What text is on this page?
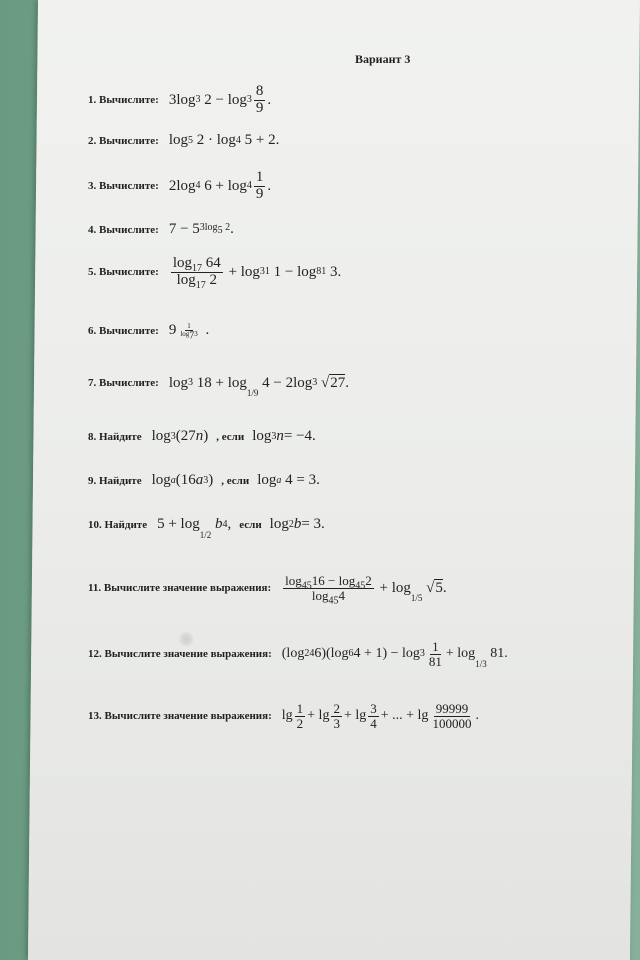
Вариант 3
1. Вычислите: 3log 3 $2 - \log 3 \frac{8}{9}$ .
2. Вычислите: log 5 2 · log 4 5 + 2.
3. Вычислите: 2log 4 $6 + \log 4 \frac{1}{9}$ .
4. Вычислите: 7 − 5 $3\log_5$ 2 .
5. Вычислите: $\frac{\log_{17} 64}{\log_{17} 2} + \log 31$ 1 − log 81 3.
6. Вычислите: $9 \frac{1}{\log_73}$ .
7. Вычислите: log 3 18 + log
1/9
4 − 2log 3 √ 27 .
8. Найдите log 3 (27 n ) , если log 3 n = −4.
9. Найдите log a (16 a 3 ) , если log a 4 = 3.
10. Найдите 5 + log
1/2

b 4 , если log 2 b = 3.
11. Вычислите значение выражения: $\frac{\log_{45}16 - \log_{45}2}{\log_{45}4} + \log$
1/5
√ 5 .
12. Вычислите значение выражения: (log 24 6)(log 6 $4 + 1) - \log 3 \frac{1}{81} + \log$
1/3
81.
13. Вычислите значение выражения: $\lg \frac{1}{2} + \lg \frac{2}{3} + \lg \frac{3}{4}$ + ... + $\lg \frac{99999}{100000}$ .
